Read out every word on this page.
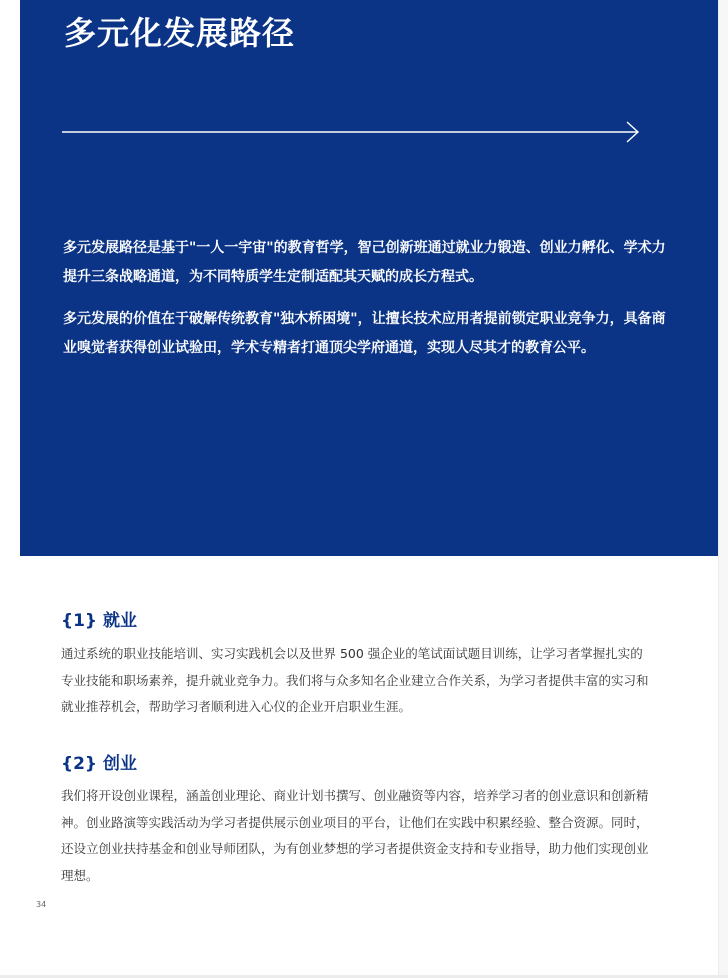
多元化发展路径

多元发展路径是基于"一人一宇宙"的教育哲学，智己创新班通过就业力锻造、创业力孵化、学术力提升三条战略通道，为不同特质学生定制适配其天赋的成长方程式。

多元发展的价值在于破解传统教育"独木桥困境"，让擅长技术应用者提前锁定职业竞争力，具备商业嗅觉者获得创业试验田，学术专精者打通顶尖学府通道，实现人尽其才的教育公平。

{1} 就业

通过系统的职业技能培训、实习实践机会以及世界 500 强企业的笔试面试题目训练，让学习者掌握扎实的专业技能和职场素养，提升就业竞争力。我们将与众多知名企业建立合作关系，为学习者提供丰富的实习和就业推荐机会，帮助学习者顺利进入心仪的企业开启职业生涯。

{2} 创业

我们将开设创业课程，涵盖创业理论、商业计划书撰写、创业融资等内容，培养学习者的创业意识和创新精神。创业路演等实践活动为学习者提供展示创业项目的平台，让他们在实践中积累经验、整合资源。同时，还设立创业扶持基金和创业导师团队，为有创业梦想的学习者提供资金支持和专业指导，助力他们实现创业理想。

34
